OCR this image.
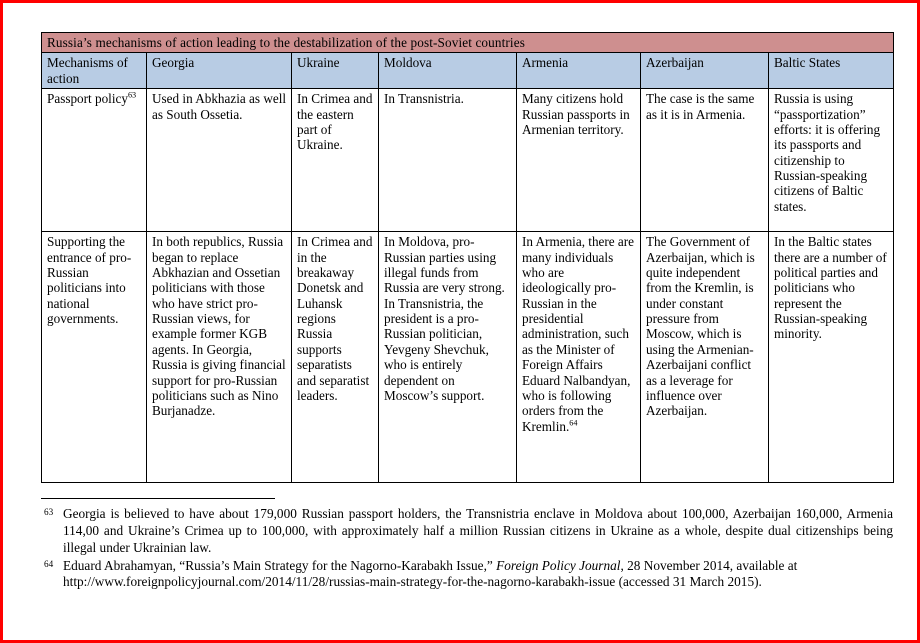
Russia’s mechanisms of action leading to the destabilization of the post-Soviet countries						
Mechanisms of action	Georgia	Ukraine	Moldova	Armenia	Azerbaijan	Baltic States
Passport policy$^{63}$	Used in Abkhazia as well as South Ossetia.	In Crimea and the eastern part of Ukraine.	In Transnistria.	Many citizens hold Russian passports in Armenian territory.	The case is the same as it is in Armenia.	Russia is using “passportization” efforts: it is offering its passports and citizenship to Russian-speaking citizens of Baltic states.
Supporting the entrance of pro-Russian politicians into national governments.	In both republics, Russia began to replace Abkhazian and Ossetian politicians with those who have strict pro-Russian views, for example former KGB agents. In Georgia, Russia is giving financial support for pro-Russian politicians such as Nino Burjanadze.	In Crimea and in the breakaway Donetsk and Luhansk regions Russia supports separatists and separatist leaders.	In Moldova, pro-Russian parties using illegal funds from Russia are very strong. In Transnistria, the president is a pro-Russian politician, Yevgeny Shevchuk, who is entirely dependent on Moscow’s support.	In Armenia, there are many individuals who are ideologically pro-Russian in the presidential administration, such as the Minister of Foreign Affairs Eduard Nalbandyan, who is following orders from the Kremlin.$^{64}$	The Government of Azerbaijan, which is quite independent from the Kremlin, is under constant pressure from Moscow, which is using the Armenian-Azerbaijani conflict as a leverage for influence over Azerbaijan.	In the Baltic states there are a number of political parties and politicians who represent the Russian-speaking minority.
63 Georgia is believed to have about 179,000 Russian passport holders, the Transnistria enclave in Moldova about 100,000, Azerbaijan 160,000, Armenia 114,00 and Ukraine’s Crimea up to 100,000, with approximately half a million Russian citizens in Ukraine as a whole, despite dual citizenships being illegal under Ukrainian law.
64 Eduard Abrahamyan, “Russia’s Main Strategy for the Nagorno-Karabakh Issue,” Foreign Policy Journal, 28 November 2014, available at
http://www.foreignpolicyjournal.com/2014/11/28/russias-main-strategy-for-the-nagorno-karabakh-issue (accessed 31 March 2015).
